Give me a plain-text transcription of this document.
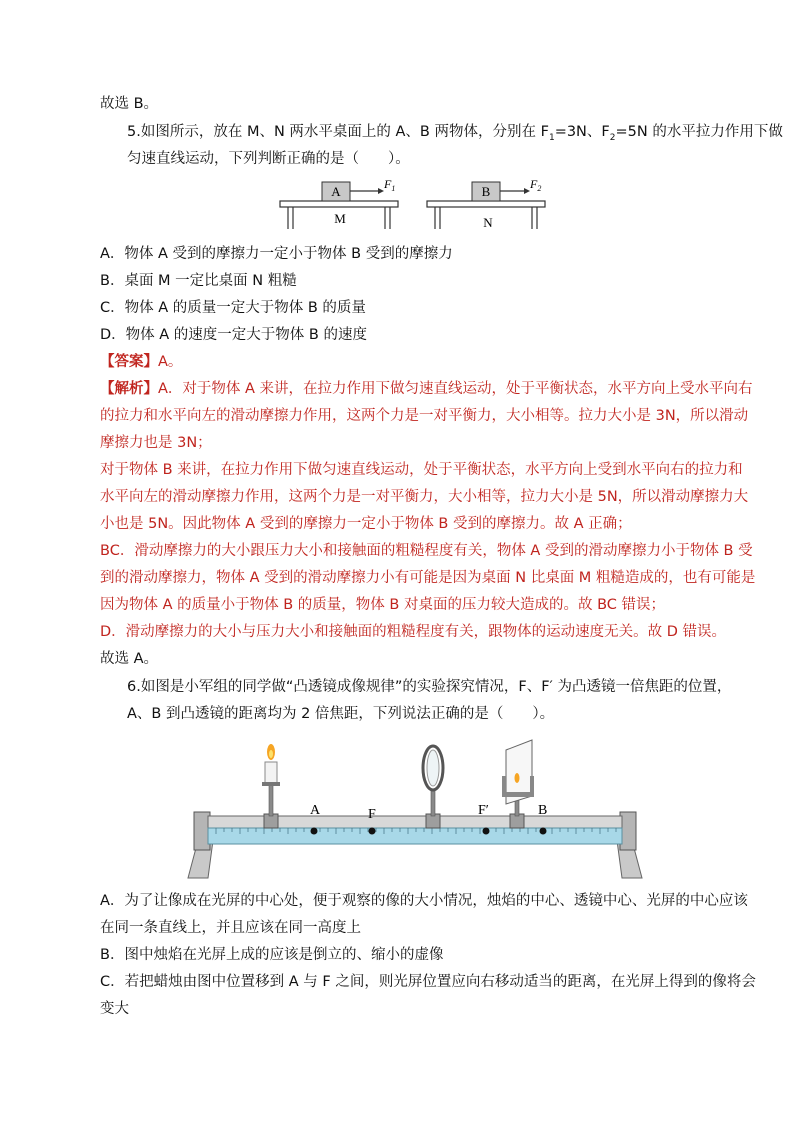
故选 B。
5.如图所示，放在 M、N 两水平桌面上的 A、B 两物体，分别在 $F_1=3N$、$F_2=5N$ 的水平拉力作用下做
匀速直线运动，下列判断正确的是（　　）。
A	$F_1$
M
B	$F_2$
N
A．物体 A 受到的摩擦力一定小于物体 B 受到的摩擦力
B．桌面 M 一定比桌面 N 粗糙
C．物体 A 的质量一定大于物体 B 的质量
D．物体 A 的速度一定大于物体 B 的速度
【答案】A。
【解析】A．对于物体 A 来讲，在拉力作用下做匀速直线运动，处于平衡状态，水平方向上受水平向右
的拉力和水平向左的滑动摩擦力作用，这两个力是一对平衡力，大小相等。拉力大小是 3N，所以滑动
摩擦力也是 3N；
对于物体 B 来讲，在拉力作用下做匀速直线运动，处于平衡状态，水平方向上受到水平向右的拉力和
水平向左的滑动摩擦力作用，这两个力是一对平衡力，大小相等，拉力大小是 5N，所以滑动摩擦力大
小也是 5N。因此物体 A 受到的摩擦力一定小于物体 B 受到的摩擦力。故 A 正确；
BC．滑动摩擦力的大小跟压力大小和接触面的粗糙程度有关，物体 A 受到的滑动摩擦力小于物体 B 受
到的滑动摩擦力，物体 A 受到的滑动摩擦力小有可能是因为桌面 N 比桌面 M 粗糙造成的，也有可能是
因为物体 A 的质量小于物体 B 的质量，物体 B 对桌面的压力较大造成的。故 BC 错误；
D．滑动摩擦力的大小与压力大小和接触面的粗糙程度有关，跟物体的运动速度无关。故 D 错误。
故选 A。
6.如图是小军组的同学做“凸透镜成像规律”的实验探究情况，F、F′ 为凸透镜一倍焦距的位置，
A、B 到凸透镜的距离均为 2 倍焦距，下列说法正确的是（　　）。
A	F	F′	B
A．为了让像成在光屏的中心处，便于观察的像的大小情况，烛焰的中心、透镜中心、光屏的中心应该
在同一条直线上，并且应该在同一高度上
B．图中烛焰在光屏上成的应该是倒立的、缩小的虚像
C．若把蜡烛由图中位置移到 A 与 F 之间，则光屏位置应向右移动适当的距离，在光屏上得到的像将会
变大
